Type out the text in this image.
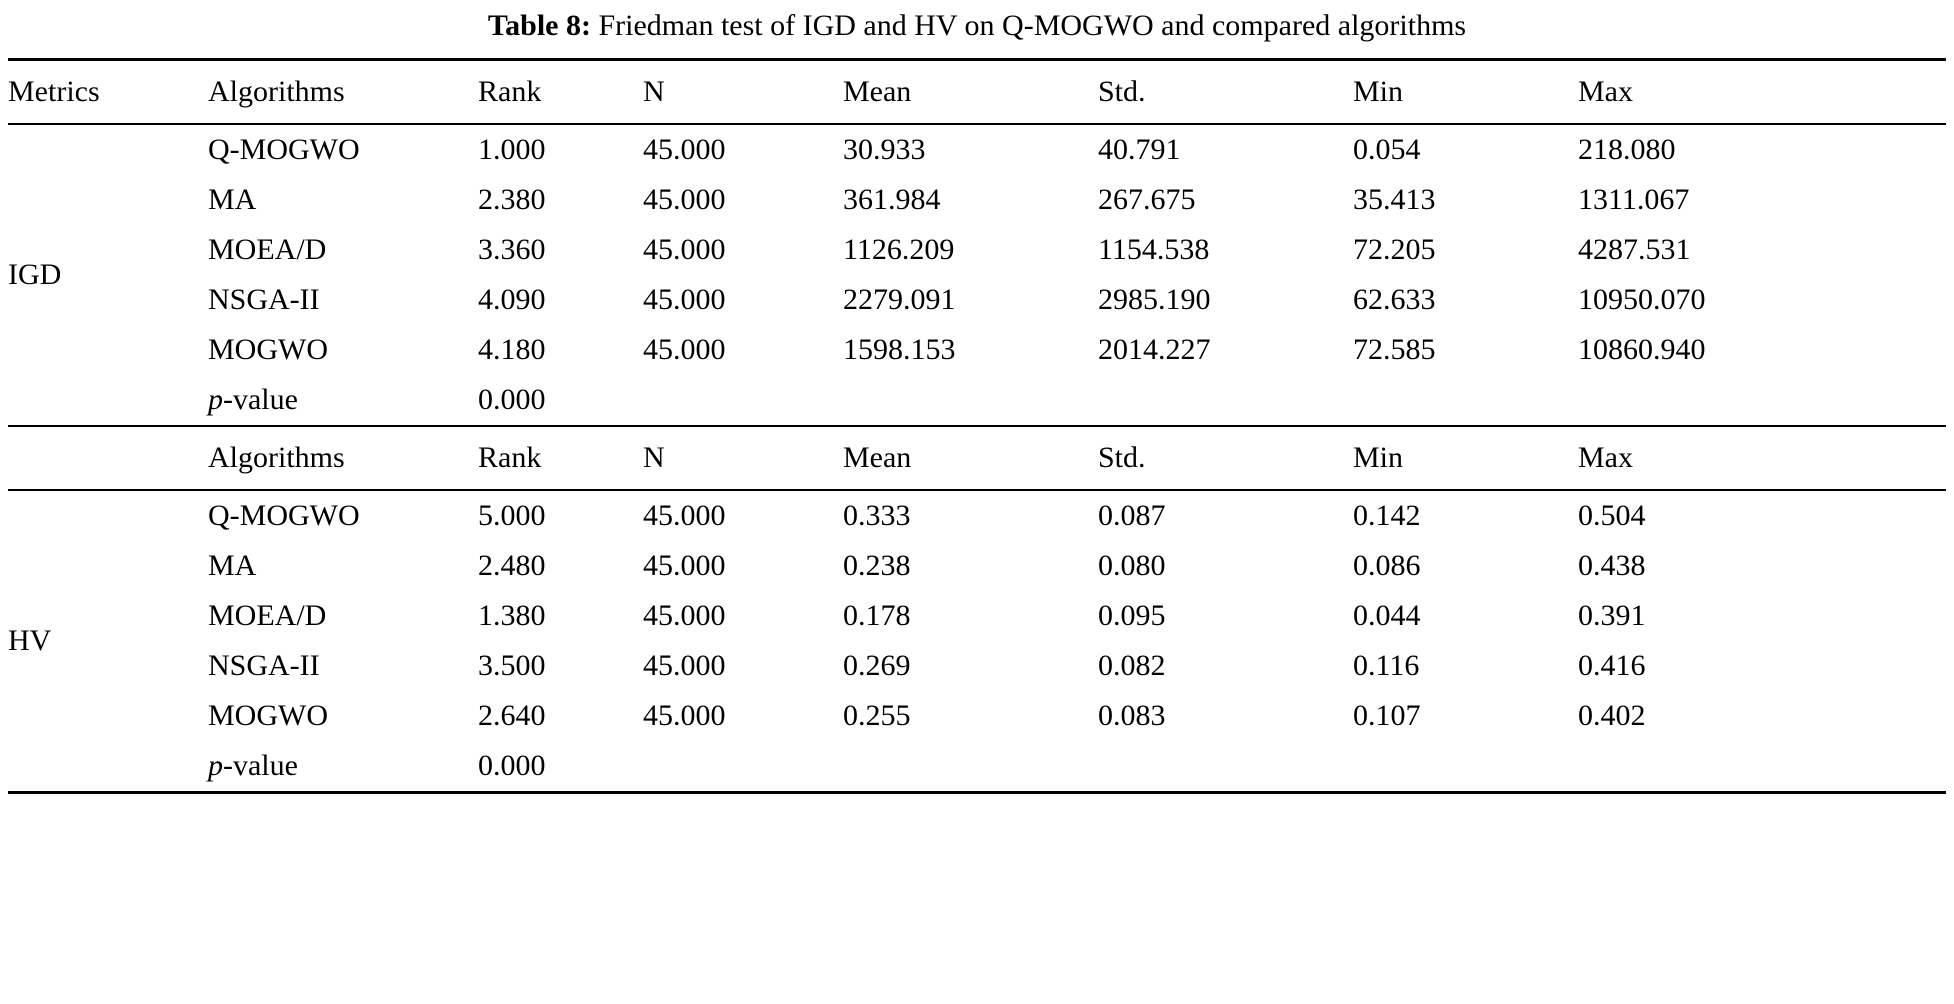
Table 8: Friedman test of IGD and HV on Q-MOGWO and compared algorithms
Metrics	Algorithms	Rank	N	Mean	Std.	Min	Max
IGD	Q-MOGWO	1.000	45.000	30.933	40.791	0.054	218.080
	MA	2.380	45.000	361.984	267.675	35.413	1311.067
	MOEA/D	3.360	45.000	1126.209	1154.538	72.205	4287.531
	NSGA-II	4.090	45.000	2279.091	2985.190	62.633	10950.070
	MOGWO	4.180	45.000	1598.153	2014.227	72.585	10860.940
	p-value	0.000					
	Algorithms	Rank	N	Mean	Std.	Min	Max
HV	Q-MOGWO	5.000	45.000	0.333	0.087	0.142	0.504
	MA	2.480	45.000	0.238	0.080	0.086	0.438
	MOEA/D	1.380	45.000	0.178	0.095	0.044	0.391
	NSGA-II	3.500	45.000	0.269	0.082	0.116	0.416
	MOGWO	2.640	45.000	0.255	0.083	0.107	0.402
	p-value	0.000					
